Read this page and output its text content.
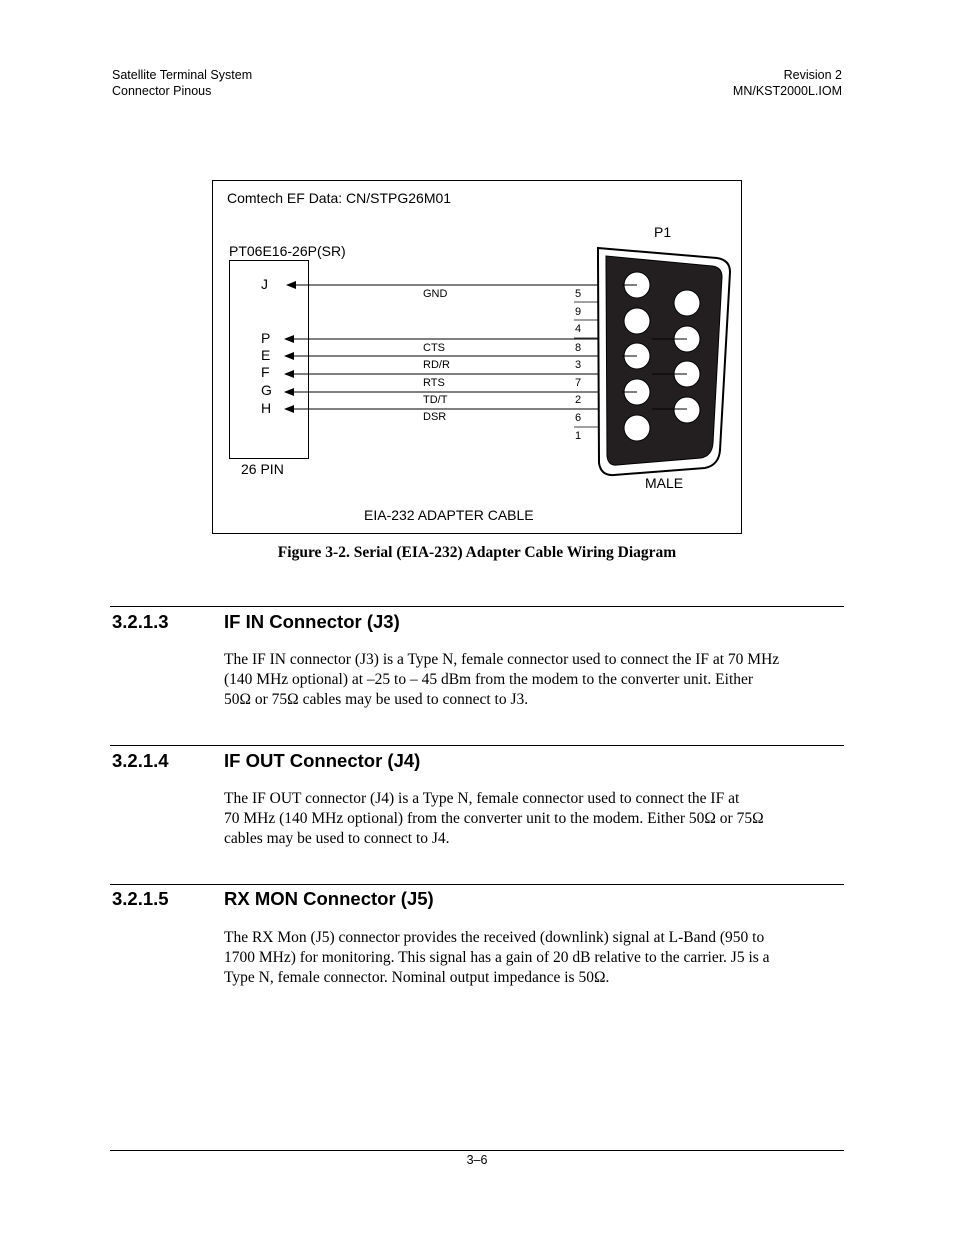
Satellite Terminal System
Connector Pinous
Revision 2
MN/KST2000L.IOM
Comtech EF Data: CN/STPG26M01
PT06E16-26P(SR)
P1
J
P
E
F
G
H
GND
CTS
RD/R
RTS
TD/T
DSR
5
9
4
8
3
7
2
6
1
26 PIN
MALE
EIA-232 ADAPTER CABLE
Figure 3-2. Serial (EIA-232) Adapter Cable Wiring Diagram
3.2.1.3	IF IN Connector (J3)
The IF IN connector (J3) is a Type N, female connector used to connect the IF at 70 MHz
(140 MHz optional) at –25 to – 45 dBm from the modem to the converter unit. Either
50Ω or 75Ω cables may be used to connect to J3.
3.2.1.4	IF OUT Connector (J4)
The IF OUT connector (J4) is a Type N, female connector used to connect the IF at
70 MHz (140 MHz optional) from the converter unit to the modem. Either 50Ω or 75Ω
cables may be used to connect to J4.
3.2.1.5	RX MON Connector (J5)
The RX Mon (J5) connector provides the received (downlink) signal at L-Band (950 to
1700 MHz) for monitoring. This signal has a gain of 20 dB relative to the carrier. J5 is a
Type N, female connector. Nominal output impedance is 50Ω.
3–6
